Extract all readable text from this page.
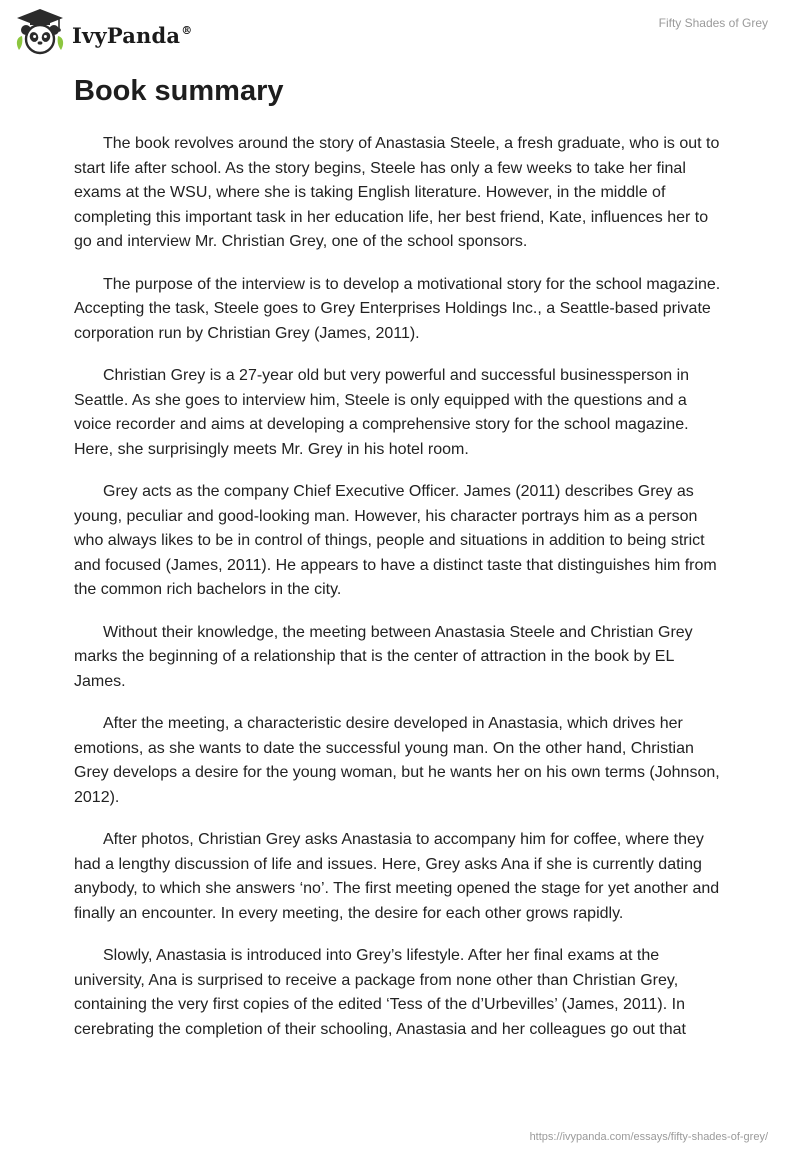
IvyPanda®	Fifty Shades of Grey
Book summary

The book revolves around the story of Anastasia Steele, a fresh graduate, who is out to start life after school. As the story begins, Steele has only a few weeks to take her final exams at the WSU, where she is taking English literature. However, in the middle of completing this important task in her education life, her best friend, Kate, influences her to go and interview Mr. Christian Grey, one of the school sponsors.

The purpose of the interview is to develop a motivational story for the school magazine. Accepting the task, Steele goes to Grey Enterprises Holdings Inc., a Seattle-based private corporation run by Christian Grey (James, 2011).

Christian Grey is a 27-year old but very powerful and successful businessperson in Seattle. As she goes to interview him, Steele is only equipped with the questions and a voice recorder and aims at developing a comprehensive story for the school magazine. Here, she surprisingly meets Mr. Grey in his hotel room.

Grey acts as the company Chief Executive Officer. James (2011) describes Grey as young, peculiar and good-looking man. However, his character portrays him as a person who always likes to be in control of things, people and situations in addition to being strict and focused (James, 2011). He appears to have a distinct taste that distinguishes him from the common rich bachelors in the city.

Without their knowledge, the meeting between Anastasia Steele and Christian Grey marks the beginning of a relationship that is the center of attraction in the book by EL James.

After the meeting, a characteristic desire developed in Anastasia, which drives her emotions, as she wants to date the successful young man. On the other hand, Christian Grey develops a desire for the young woman, but he wants her on his own terms (Johnson, 2012).

After photos, Christian Grey asks Anastasia to accompany him for coffee, where they had a lengthy discussion of life and issues. Here, Grey asks Ana if she is currently dating anybody, to which she answers ‘no’. The first meeting opened the stage for yet another and finally an encounter. In every meeting, the desire for each other grows rapidly.

Slowly, Anastasia is introduced into Grey’s lifestyle. After her final exams at the university, Ana is surprised to receive a package from none other than Christian Grey, containing the very first copies of the edited ‘Tess of the d’Urbevilles’ (James, 2011). In cerebrating the completion of their schooling, Anastasia and her colleagues go out that

https://ivypanda.com/essays/fifty-shades-of-grey/
